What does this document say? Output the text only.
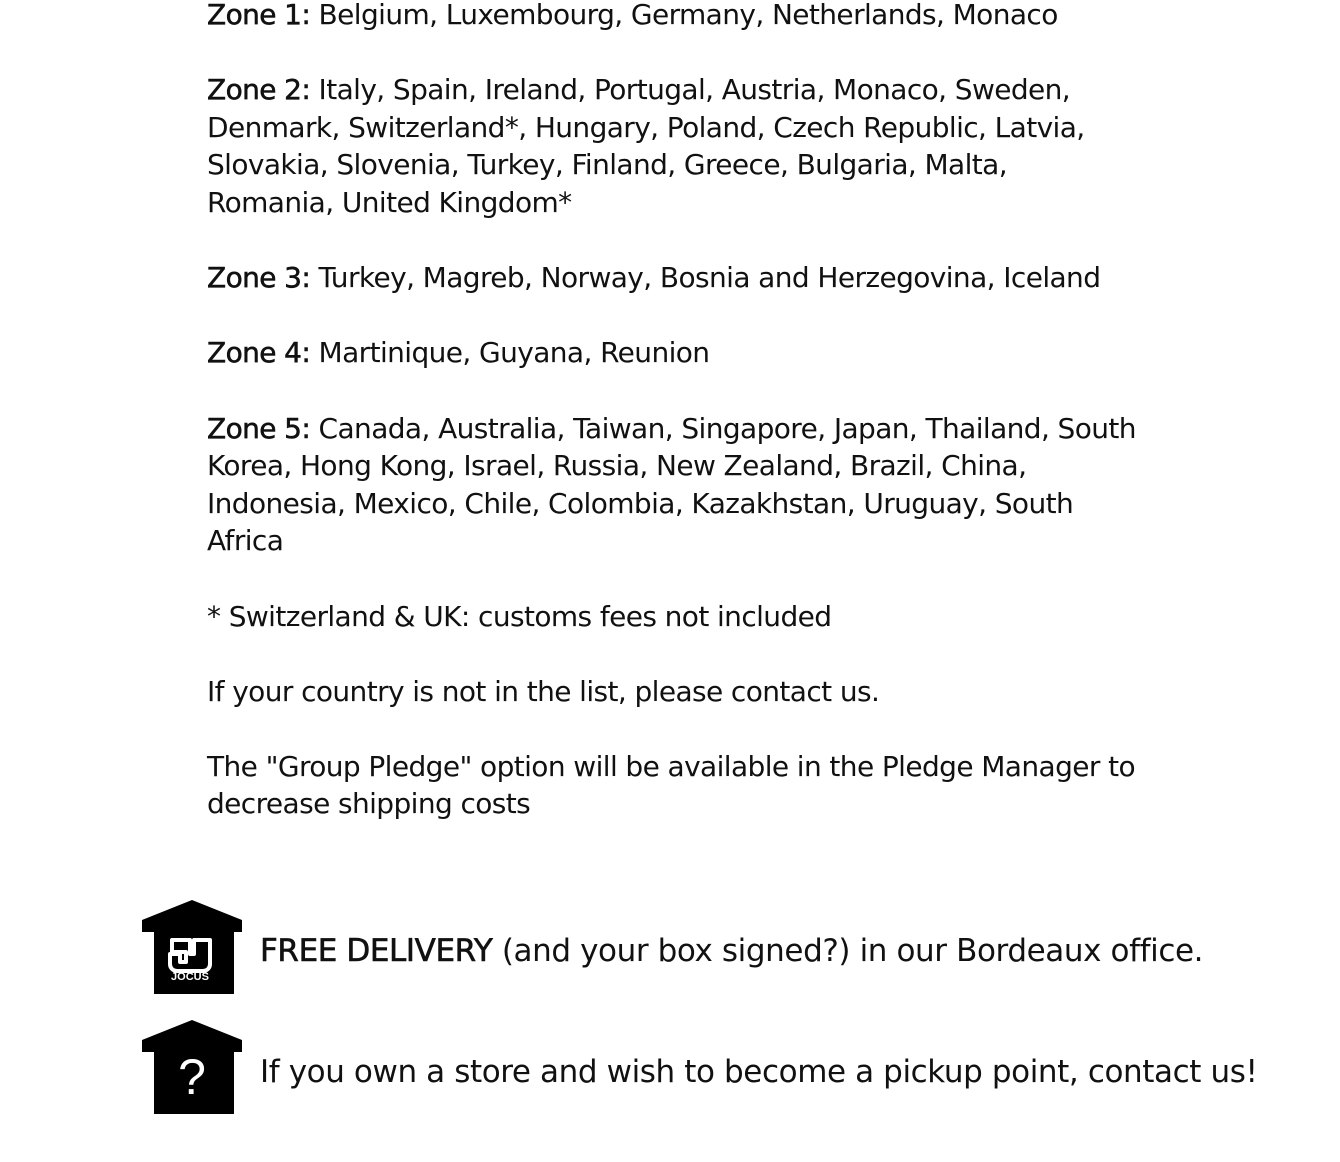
Zone 1: Belgium, Luxembourg, Germany, Netherlands, Monaco

Zone 2: Italy, Spain, Ireland, Portugal, Austria, Monaco, Sweden, Denmark, Switzerland*, Hungary, Poland, Czech Republic, Latvia, Slovakia, Slovenia, Turkey, Finland, Greece, Bulgaria, Malta, Romania, United Kingdom*

Zone 3: Turkey, Magreb, Norway, Bosnia and Herzegovina, Iceland

Zone 4: Martinique, Guyana, Reunion

Zone 5: Canada, Australia, Taiwan, Singapore, Japan, Thailand, South Korea, Hong Kong, Israel, Russia, New Zealand, Brazil, China, Indonesia, Mexico, Chile, Colombia, Kazakhstan, Uruguay, South Africa

* Switzerland & UK: customs fees not included

If your country is not in the list, please contact us.

The "Group Pledge" option will be available in the Pledge Manager to decrease shipping costs

JOCUS
FREE DELIVERY (and your box signed?) in our Bordeaux office.
? If you own a store and wish to become a pickup point, contact us!
